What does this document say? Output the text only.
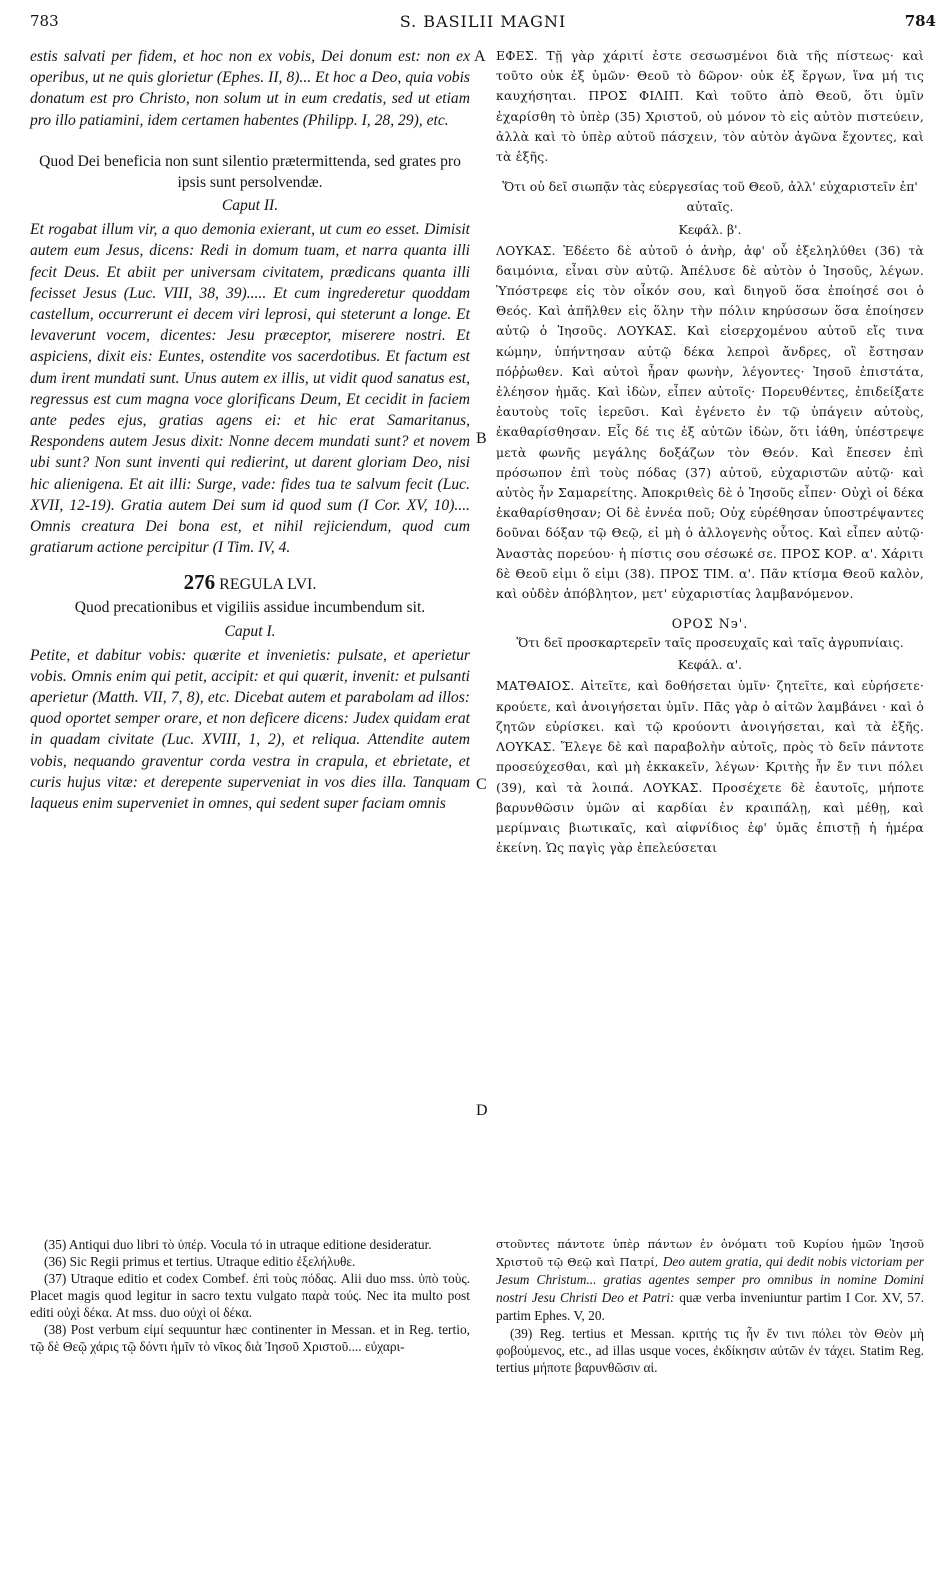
783	S. BASILII MAGNI	784
A
B
C
D

estis salvati per fidem, et hoc non ex vobis, Dei donum est: non ex operibus, ut ne quis glorietur (Ephes. II, 8)... Et hoc a Deo, quia vobis donatum est pro Christo, non solum ut in eum credatis, sed ut etiam pro illo patiamini, idem certamen habentes (Philipp. I, 28, 29), etc.

Quod Dei beneficia non sunt silentio prætermittenda, sed grates pro ipsis sunt persolvendæ.

Caput II.

Et rogabat illum vir, a quo demonia exierant, ut cum eo esset. Dimisit autem eum Jesus, dicens: Redi in domum tuam, et narra quanta illi fecit Deus. Et abiit per universam civitatem, prædicans quanta illi fecisset Jesus (Luc. VIII, 38, 39)..... Et cum ingrederetur quoddam castellum, occurrerunt ei decem viri leprosi, qui steterunt a longe. Et levaverunt vocem, dicentes: Jesu præceptor, miserere nostri. Et aspiciens, dixit eis: Euntes, ostendite vos sacerdotibus. Et factum est dum irent mundati sunt. Unus autem ex illis, ut vidit quod sanatus est, regressus est cum magna voce glorificans Deum, Et cecidit in faciem ante pedes ejus, gratias agens ei: et hic erat Samaritanus, Respondens autem Jesus dixit: Nonne decem mundati sunt? et novem ubi sunt? Non sunt inventi qui redierint, ut darent gloriam Deo, nisi hic alienigena. Et ait illi: Surge, vade: fides tua te salvum fecit (Luc. XVII, 12-19). Gratia autem Dei sum id quod sum (I Cor. XV, 10).... Omnis creatura Dei bona est, et nihil rejiciendum, quod cum gratiarum actione percipitur (I Tim. IV, 4.

276 REGULA LVI.

Quod precationibus et vigiliis assidue incumbendum sit.

Caput I.

Petite, et dabitur vobis: quærite et invenietis: pulsate, et aperietur vobis. Omnis enim qui petit, accipit: et qui quærit, invenit: et pulsanti aperietur (Matth. VII, 7, 8), etc. Dicebat autem et parabolam ad illos: quod oportet semper orare, et non deficere dicens: Judex quidam erat in quadam civitate (Luc. XVIII, 1, 2), et reliqua. Attendite autem vobis, nequando graventur corda vestra in crapula, et ebrietate, et curis hujus vitæ: et derepente superveniat in vos dies illa. Tanquam laqueus enim superveniet in omnes, qui sedent super faciam omnis

ΕΦΕΣ. Τῇ γὰρ χάριτί ἐστε σεσωσμένοι διὰ τῆς πίστεως· καὶ τοῦτο οὐκ ἐξ ὑμῶν· Θεοῦ τὸ δῶρον· οὐκ ἐξ ἔργων, ἵνα μή τις καυχήσηται. ΠΡΟΣ ΦΙΛΙΠ. Καὶ τοῦτο ἀπὸ Θεοῦ, ὅτι ὑμῖν ἐχαρίσθη τὸ ὑπὲρ (35) Χριστοῦ, οὐ μόνον τὸ εἰς αὐτὸν πιστεύειν, ἀλλὰ καὶ τὸ ὑπὲρ αὐτοῦ πάσχειν, τὸν αὐτὸν ἀγῶνα ἔχοντες, καὶ τὰ ἑξῆς.

Ὅτι οὐ δεῖ σιωπᾷν τὰς εὐεργεσίας τοῦ Θεοῦ, ἀλλ' εὐχαριστεῖν ἐπ' αὐταῖς.

Κεφάλ. β'.

ΛΟΥΚΑΣ. Ἐδέετο δὲ αὐτοῦ ὁ ἀνὴρ, ἀφ' οὗ ἐξεληλύθει (36) τὰ δαιμόνια, εἶναι σὺν αὐτῷ. Ἀπέλυσε δὲ αὐτὸν ὁ Ἰησοῦς, λέγων. Ὑπόστρεφε εἰς τὸν οἶκόν σου, καὶ διηγοῦ ὅσα ἐποίησέ σοι ὁ Θεός. Καὶ ἀπῆλθεν εἰς ὅλην τὴν πόλιν κηρύσσων ὅσα ἐποίησεν αὐτῷ ὁ Ἰησοῦς. ΛΟΥΚΑΣ. Καὶ εἰσερχομένου αὐτοῦ εἴς τινα κώμην, ὑπήντησαν αὐτῷ δέκα λεπροὶ ἄνδρες, οἳ ἔστησαν πόῤῥωθεν. Καὶ αὐτοὶ ἦραν φωνὴν, λέγοντες· Ἰησοῦ ἐπιστάτα, ἐλέησον ἡμᾶς. Καὶ ἰδὼν, εἶπεν αὐτοῖς· Πορευθέντες, ἐπιδείξατε ἑαυτοὺς τοῖς ἱερεῦσι. Καὶ ἐγένετο ἐν τῷ ὑπάγειν αὐτοὺς, ἐκαθαρίσθησαν. Εἷς δέ τις ἐξ αὐτῶν ἰδὼν, ὅτι ἰάθη, ὑπέστρεψε μετὰ φωνῆς μεγάλης δοξάζων τὸν Θεόν. Καὶ ἔπεσεν ἐπὶ πρόσωπον ἐπὶ τοὺς πόδας (37) αὐτοῦ, εὐχαριστῶν αὐτῷ· καὶ αὐτὸς ἦν Σαμαρείτης. Ἀποκριθεὶς δὲ ὁ Ἰησοῦς εἶπεν· Οὐχὶ οἱ δέκα ἐκαθαρίσθησαν; Οἱ δὲ ἐννέα ποῦ; Οὐχ εὑρέθησαν ὑποστρέψαντες δοῦναι δόξαν τῷ Θεῷ, εἰ μὴ ὁ ἀλλογενὴς οὗτος. Καὶ εἶπεν αὐτῷ· Ἀναστὰς πορεύου· ἡ πίστις σου σέσωκέ σε. ΠΡΟΣ ΚΟΡ. α'. Χάριτι δὲ Θεοῦ εἰμι ὅ εἰμι (38). ΠΡΟΣ ΤΙΜ. α'. Πᾶν κτίσμα Θεοῦ καλὸν, καὶ οὐδὲν ἀπόβλητον, μετ' εὐχαριστίας λαμβανόμενον.

ΟΡΟΣ Ν϶'.

Ὅτι δεῖ προσκαρτερεῖν ταῖς προσευχαῖς καὶ ταῖς ἀγρυπνίαις.

Κεφάλ. α'.

ΜΑΤΘΑΙΟΣ. Αἰτεῖτε, καὶ δοθήσεται ὑμῖν· ζητεῖτε, καὶ εὑρήσετε· κρούετε, καὶ ἀνοιγήσεται ὑμῖν. Πᾶς γὰρ ὁ αἰτῶν λαμβάνει · καὶ ὁ ζητῶν εὑρίσκει. καὶ τῷ κρούοντι ἀνοιγήσεται, καὶ τὰ ἑξῆς. ΛΟΥΚΑΣ. Ἔλεγε δὲ καὶ παραβολὴν αὐτοῖς, πρὸς τὸ δεῖν πάντοτε προσεύχεσθαι, καὶ μὴ ἐκκακεῖν, λέγων· Κριτὴς ἦν ἔν τινι πόλει (39), καὶ τὰ λοιπά. ΛΟΥΚΑΣ. Προσέχετε δὲ ἑαυτοῖς, μήποτε βαρυνθῶσιν ὑμῶν αἱ καρδίαι ἐν κραιπάλῃ, καὶ μέθῃ, καὶ μερίμναις βιωτικαῖς, καὶ αἰφνίδιος ἐφ' ὑμᾶς ἐπιστῇ ἡ ἡμέρα ἐκείνη. Ὡς παγὶς γὰρ ἐπελεύσεται

(35) Antiqui duo libri τὸ ὑπέρ. Vocula τό in utraque editione desideratur.

(36) Sic Regii primus et tertius. Utraque editio ἐξελήλυθε.

(37) Utraque editio et codex Combef. ἐπὶ τοὺς πόδας. Alii duo mss. ὑπὸ τοὺς. Placet magis quod legitur in sacro textu vulgato παρὰ τούς. Nec ita multo post editi οὐχὶ δέκα. At mss. duo οὐχὶ οἱ δέκα.

(38) Post verbum εἰμί sequuntur hæc continenter in Messan. et in Reg. tertio, τῷ δὲ Θεῷ χάρις τῷ δόντι ἡμῖν τὸ νῖκος διὰ Ἰησοῦ Χριστοῦ.... εὐχαρι-

στοῦντες πάντοτε ὑπὲρ πάντων ἐν ὀνόματι τοῦ Κυρίου ἡμῶν Ἰησοῦ Χριστοῦ τῷ Θεῷ καὶ Πατρί, Deo autem gratia, qui dedit nobis victoriam per Jesum Christum... gratias agentes semper pro omnibus in nomine Domini nostri Jesu Christi Deo et Patri: quæ verba inveniuntur partim I Cor. XV, 57. partim Ephes. V, 20.

(39) Reg. tertius et Messan. κριτής τις ἦν ἔν τινι πόλει τὸν Θεὸν μὴ φοβούμενος, etc., ad illas usque voces, ἐκδίκησιν αὐτῶν ἐν τάχει. Statim Reg. tertius μήποτε βαρυνθῶσιν αἱ.
